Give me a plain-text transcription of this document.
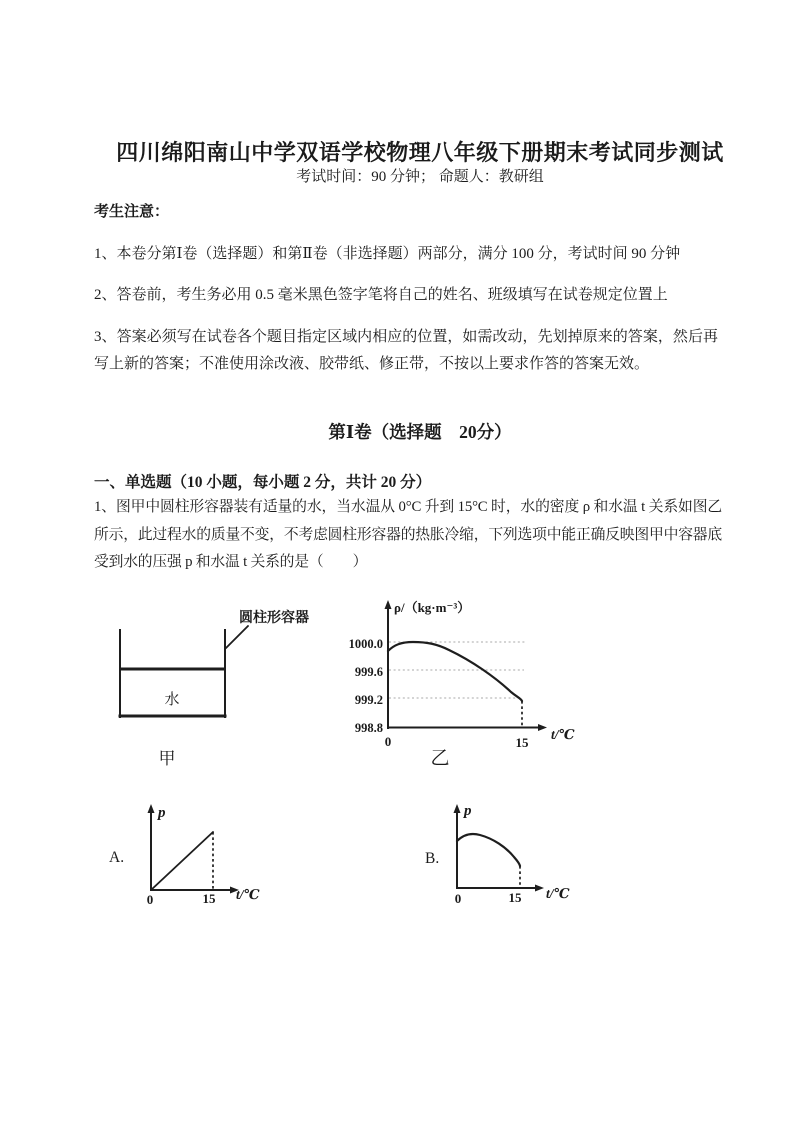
四川绵阳南山中学双语学校物理八年级下册期末考试同步测试
考试时间：90 分钟； 命题人：教研组
考生注意：

1、本卷分第Ⅰ卷（选择题）和第Ⅱ卷（非选择题）两部分，满分 100 分，考试时间 90 分钟

2、答卷前，考生务必用 0.5 毫米黑色签字笔将自己的姓名、班级填写在试卷规定位置上

3、答案必须写在试卷各个题目指定区域内相应的位置，如需改动，先划掉原来的答案，然后再写上新的答案；不准使用涂改液、胶带纸、修正带，不按以上要求作答的答案无效。

第Ⅰ卷（选择题　20分）
一、单选题（10 小题，每小题 2 分，共计 20 分）

1、图甲中圆柱形容器装有适量的水，当水温从 0°C 升到 15°C 时，水的密度 ρ 和水温 t 关系如图乙所示，此过程水的质量不变，不考虑圆柱形容器的热胀冷缩，下列选项中能正确反映图甲中容器底受到水的压强 p 和水温 t 关系的是（　　）

圆柱形容器
水
甲
ρ/（kg·m⁻³）
1000.0
999.6
999.2
998.8
0	15
t/℃
乙
A.
p
0	15 t/℃
B.
p
0	15 t/℃
